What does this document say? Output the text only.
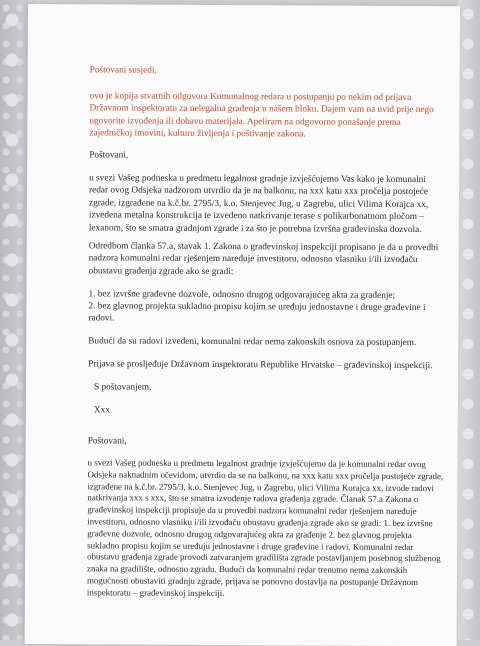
Poštovani susjedi,

ovo je kopija stvarnih odgovora Komunalnog redara u postupanju po nekim od prijava Državnom inspektoratu za nelegalna građenja u našem bloku. Dajem vam na uvid prije nego ugovorite izvođenja ili dobavu materijala. Apeliram na odgovorno ponašanje prema zajedničkoj imovini, kulturu življenja i poštivanje zakona.

Poštovani,

u svezi Vašeg podneska u predmetu legalnost gradnje izvješćujemo Vas kako je komunalni redar ovog Odsjeka nadzorom utvrdio da je na balkonu, na xxx katu xxx pročelja postojeće zgrade, izgrađene na k.č.br. 2795/3, k.o. Stenjevec Jug, u Zagrebu, ulici Vilima Korajca xx, izvedena metalna konstrukcija te izvedeno natkrivanje terase s polikarbonatnom pločom – lexanom, što se smatra gradnjom zgrade i za što je potrebna izvršna građevinska dozvola.

Odredbom članka 57.a, stavak 1. Zakona o građevinskoj inspekciji propisano je da u provedbi nadzora komunalni redar rješenjem naređuje investitoru, odnosno vlasniku i/ili izvođaču obustavu građenja zgrade ako se gradi:

1. bez izvršne građevne dozvole, odnosno drugog odgovarajućeg akta za građenje;

2. bez glavnog projekta sukladno propisu kojim se uređuju jednostavne i druge građevine i radovi.

Budući da su radovi izvedeni, komunalni redar nema zakonskih osnova za postupanjem.

Prijava se prosljeđuje Državnom inspektoratu Republike Hrvatske – građevinskoj inspekciji.

S poštovanjem,

Xxx

Poštovani,

u svezi Vašeg podneska u predmetu legalnost gradnje izvješćujemo da je komunalni redar ovog Odsjeka naknadnim očevidom, utvrdio da se na balkonu, na xxx katu xxx pročelja postojeće zgrade, izgrađene na k.č.br. 2795/3, k.o. Stenjevec Jug, u Zagrebu, ulici Vilima Korajca xx, izvode radovi natkrivanja xxx s xxx, što se smatra izvođenje radova građenja zgrade. Članak 57.a Zakona o građevinskoj inspekciji propisuje da u provedbi nadzora komunalni redar rješenjem naređuje investitoru, odnosno vlasniku i/ili izvođaču obustavu građenja zgrade ako se gradi: 1. bez izvršne građevne dozvole, odnosno drugog odgovarajućeg akta za građenje 2. bez glavnog projekta sukladno propisu kojim se uređuju jednostavne i druge građevine i radovi. Komunalni redar obustavu građenja zgrade provodi zatvaranjem gradilišta zgrade postavljanjem posebnog službenog znaka na gradilište, odnosno zgradu. Budući da komunalni redar trenutno nema zakonskih mogućnosti obustaviti gradnju zgrade, prijava se ponovno dostavlja na postupanje Državnom inspektoratu – građevinskoj inspekciji.
